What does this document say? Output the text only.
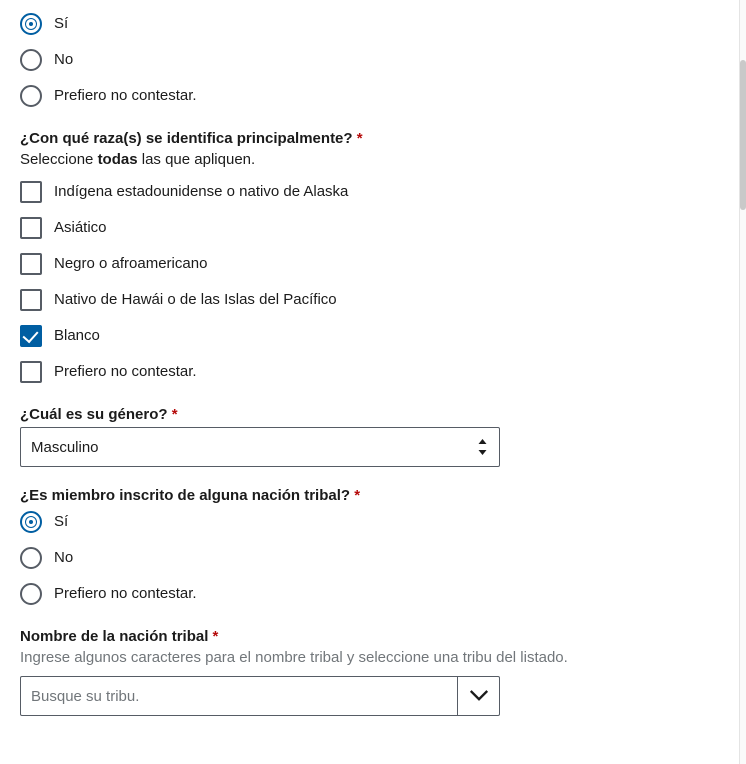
Sí
No
Prefiero no contestar.
¿Con qué raza(s) se identifica principalmente? *
Seleccione todas las que apliquen.
Indígena estadounidense o nativo de Alaska
Asiático
Negro o afroamericano
Nativo de Hawái o de las Islas del Pacífico
Blanco
Prefiero no contestar.
¿Cuál es su género? *
Masculino
¿Es miembro inscrito de alguna nación tribal? *
Sí
No
Prefiero no contestar.
Nombre de la nación tribal *
Ingrese algunos caracteres para el nombre tribal y seleccione una tribu del listado.
Busque su tribu.
